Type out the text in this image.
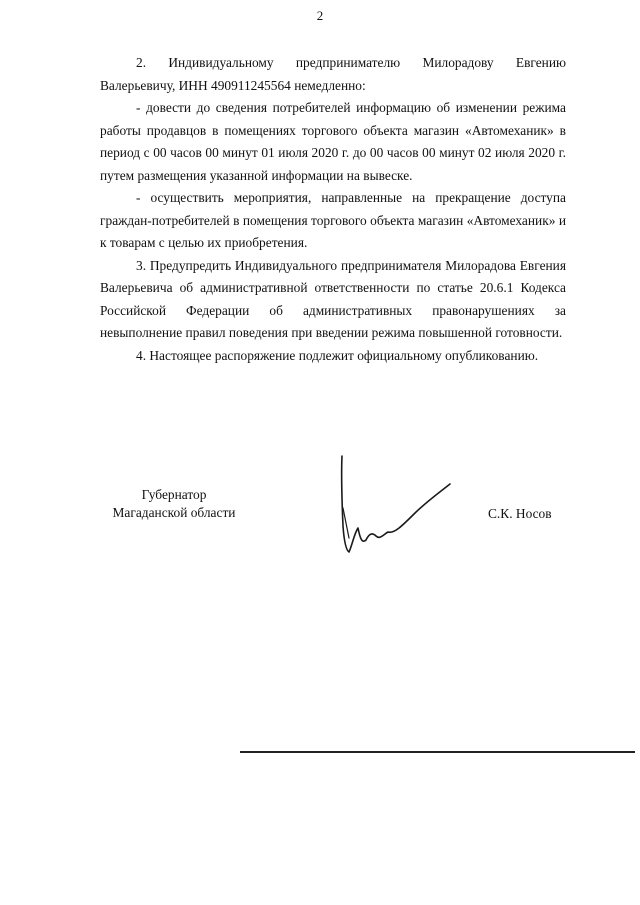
2

2. Индивидуальному предпринимателю Милорадову Евгению Валерьевичу, ИНН 490911245564 немедленно:

- довести до сведения потребителей информацию об изменении режима работы продавцов в помещениях торгового объекта магазин «Автомеханик» в период с 00 часов 00 минут 01 июля 2020 г. до 00 часов 00 минут 02 июля 2020 г. путем размещения указанной информации на вывеске.

- осуществить мероприятия, направленные на прекращение доступа граждан-потребителей в помещения торгового объекта магазин «Автомеханик» и к товарам с целью их приобретения.

3. Предупредить Индивидуального предпринимателя Милорадова Евгения Валерьевича об административной ответственности по статье 20.6.1 Кодекса Российской Федерации об административных правонарушениях за невыполнение правил поведения при введении режима повышенной готовности.

4. Настоящее распоряжение подлежит официальному опубликованию.

Губернатор
Магаданской области	С.К. Носов
